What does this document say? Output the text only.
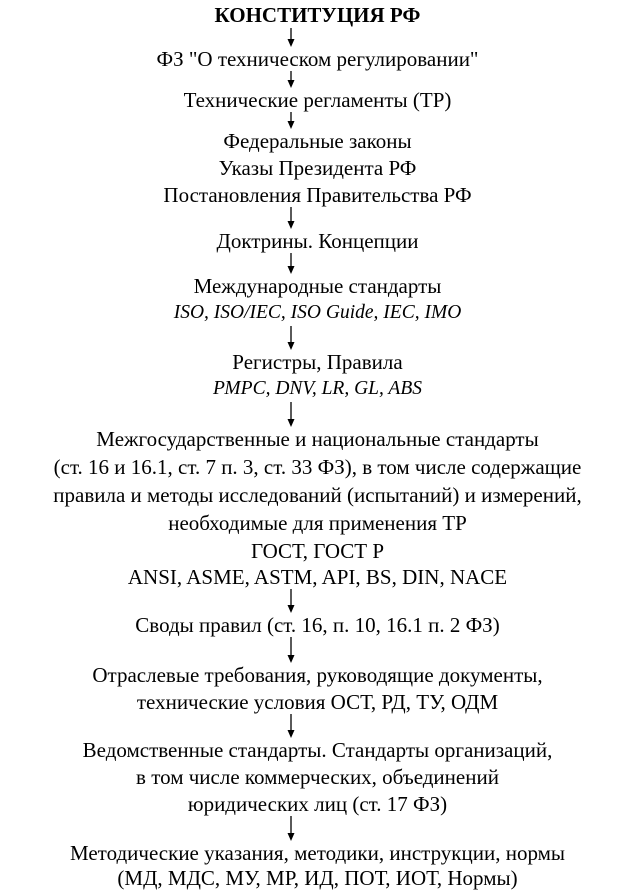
КОНСТИТУЦИЯ РФ
ФЗ "О техническом регулировании"
Технические регламенты (ТР)
Федеральные законы
Указы Президента РФ
Постановления Правительства РФ
Доктрины. Концепции
Международные стандарты
ISO, ISO/IEC, ISO Guide, IEC, IMO
Регистры, Правила
РМРС, DNV, LR, GL, ABS
Межгосударственные и национальные стандарты
(ст. 16 и 16.1, ст. 7 п. 3, ст. 33 ФЗ), в том числе содержащие
правила и методы исследований (испытаний) и измерений,
необходимые для применения ТР
ГОСТ, ГОСТ Р
ANSI, ASME, ASTM, API, BS, DIN, NACE
Своды правил (ст. 16, п. 10, 16.1 п. 2 ФЗ)
Отраслевые требования, руководящие документы,
технические условия ОСТ, РД, ТУ, ОДМ
Ведомственные стандарты. Стандарты организаций,
в том числе коммерческих, объединений
юридических лиц (ст. 17 ФЗ)
Методические указания, методики, инструкции, нормы
(МД, МДС, МУ, МР, ИД, ПОТ, ИОТ, Нормы)
